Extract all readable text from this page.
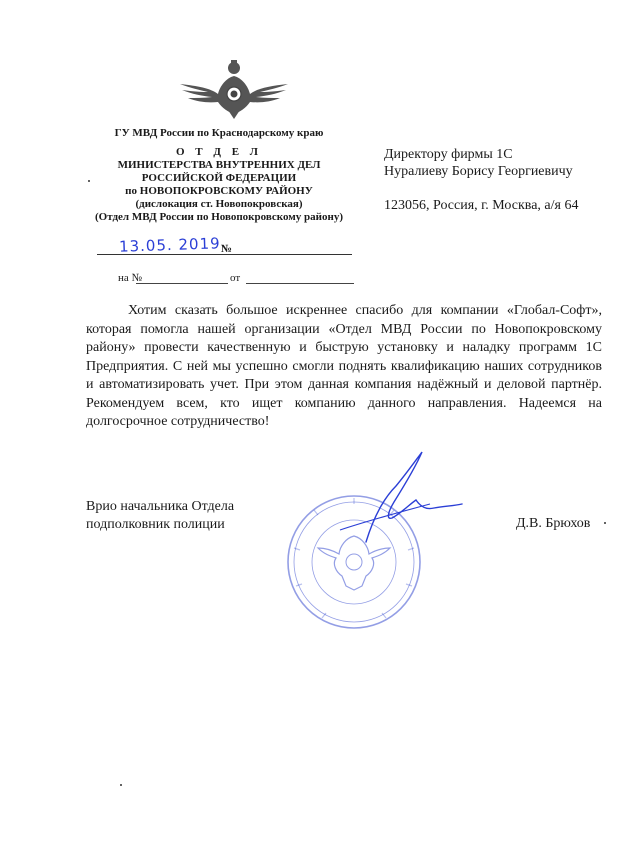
ГУ МВД России по Краснодарскому краю
О Т Д Е Л
МИНИСТЕРСТВА ВНУТРЕННИХ ДЕЛ
РОССИЙСКОЙ ФЕДЕРАЦИИ
по НОВОПОКРОВСКОМУ РАЙОНУ
(дислокация ст. Новопокровская)
(Отдел МВД России по Новопокровскому району)
13.05. 2019 №
на №	от
Директору фирмы 1С
Нуралиеву Борису Георгиевичу
123056, Россия, г. Москва, а/я 64
Хотим сказать большое искреннее спасибо для компании «Глобал-Софт», которая помогла нашей организации «Отдел МВД России по Новопокровскому району» провести качественную и быструю установку и наладку программ 1С Предприятия. С ней мы успешно смогли поднять квалификацию наших сотрудников и автоматизировать учет. При этом данная компания надёжный и деловой партнёр. Рекомендуем всем, кто ищет компанию данного направления. Надеемся на долгосрочное сотрудничество!
Врио начальника Отдела
подполковник полиции	Д.В. Брюхов
